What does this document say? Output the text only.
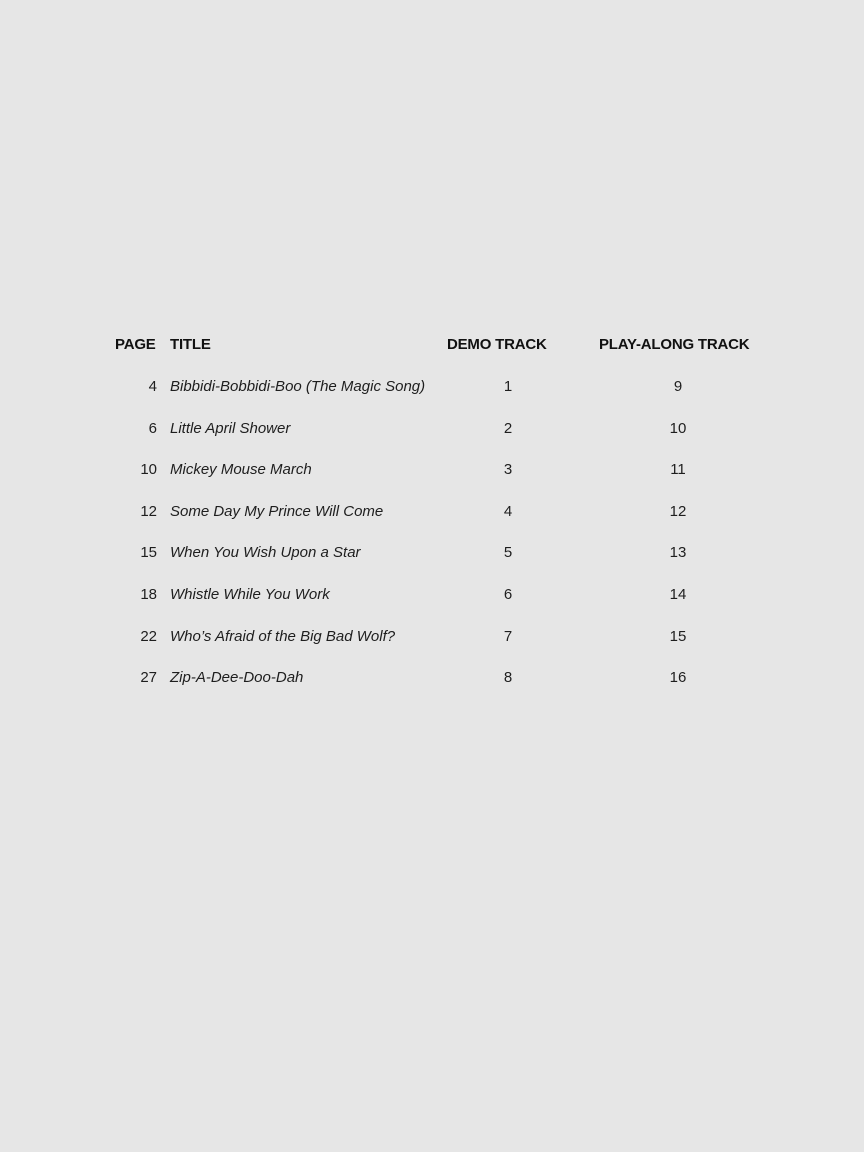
PAGE TITLE	DEMO TRACK	PLAY-ALONG TRACK
4 Bibbidi-Bobbidi-Boo (The Magic Song)	1	9
6 Little April Shower	2	10
10 Mickey Mouse March	3	11
12 Some Day My Prince Will Come	4	12
15 When You Wish Upon a Star	5	13
18 Whistle While You Work	6	14
22 Who’s Afraid of the Big Bad Wolf?	7	15
27 Zip-A-Dee-Doo-Dah	8	16
